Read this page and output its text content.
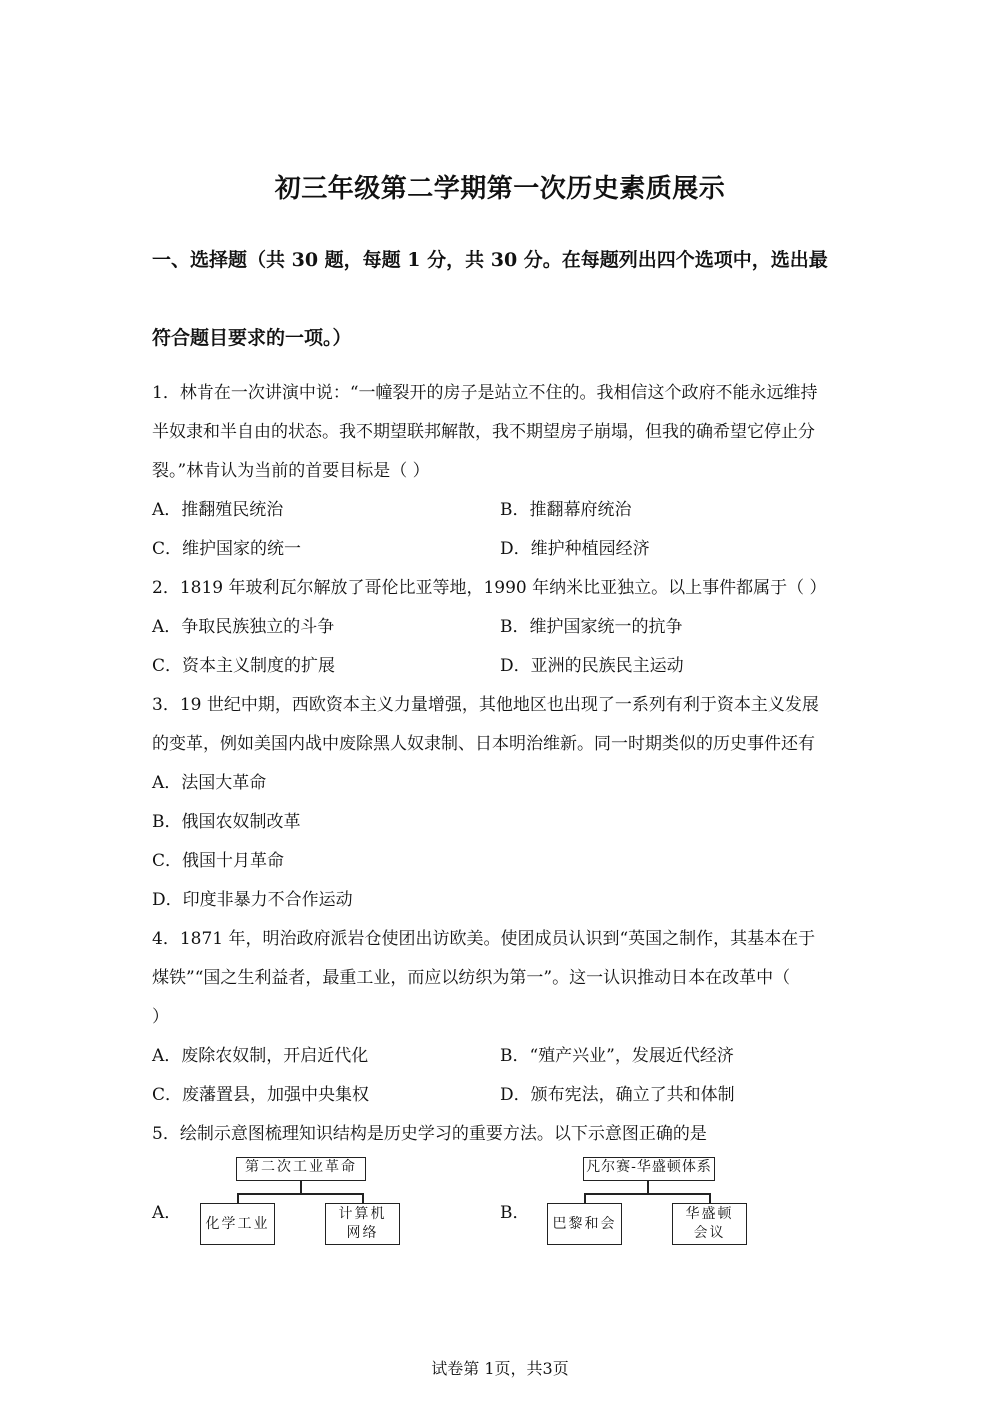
初三年级第二学期第一次历史素质展示
一、选择题（共 30 题，每题 1 分，共 30 分。在每题列出四个选项中，选出最
符合题目要求的一项。）
1．林肯在一次讲演中说：“一幢裂开的房子是站立不住的。我相信这个政府不能永远维持
半奴隶和半自由的状态。我不期望联邦解散，我不期望房子崩塌，但我的确希望它停止分
裂。”林肯认为当前的首要目标是（ ）
A．推翻殖民统治	B．推翻幕府统治
C．维护国家的统一	D．维护种植园经济
2．1819 年玻利瓦尔解放了哥伦比亚等地，1990 年纳米比亚独立。以上事件都属于（ ）
A．争取民族独立的斗争	B．维护国家统一的抗争
C．资本主义制度的扩展	D．亚洲的民族民主运动
3．19 世纪中期，西欧资本主义力量增强，其他地区也出现了一系列有利于资本主义发展
的变革，例如美国内战中废除黑人奴隶制、日本明治维新。同一时期类似的历史事件还有
A．法国大革命
B．俄国农奴制改革
C．俄国十月革命
D．印度非暴力不合作运动
4．1871 年，明治政府派岩仓使团出访欧美。使团成员认识到“英国之制作，其基本在于
煤铁”“国之生利益者，最重工业，而应以纺织为第一”。这一认识推动日本在改革中（
）
A．废除农奴制，开启近代化	B．“殖产兴业”，发展近代经济
C．废藩置县，加强中央集权	D．颁布宪法，确立了共和体制
5．绘制示意图梳理知识结构是历史学习的重要方法。以下示意图正确的是
A．
第二次工业革命
化学工业
计算机
网络
B．
凡尔赛-华盛顿体系
巴黎和会
华盛顿
会议
试卷第 1页，共3页
